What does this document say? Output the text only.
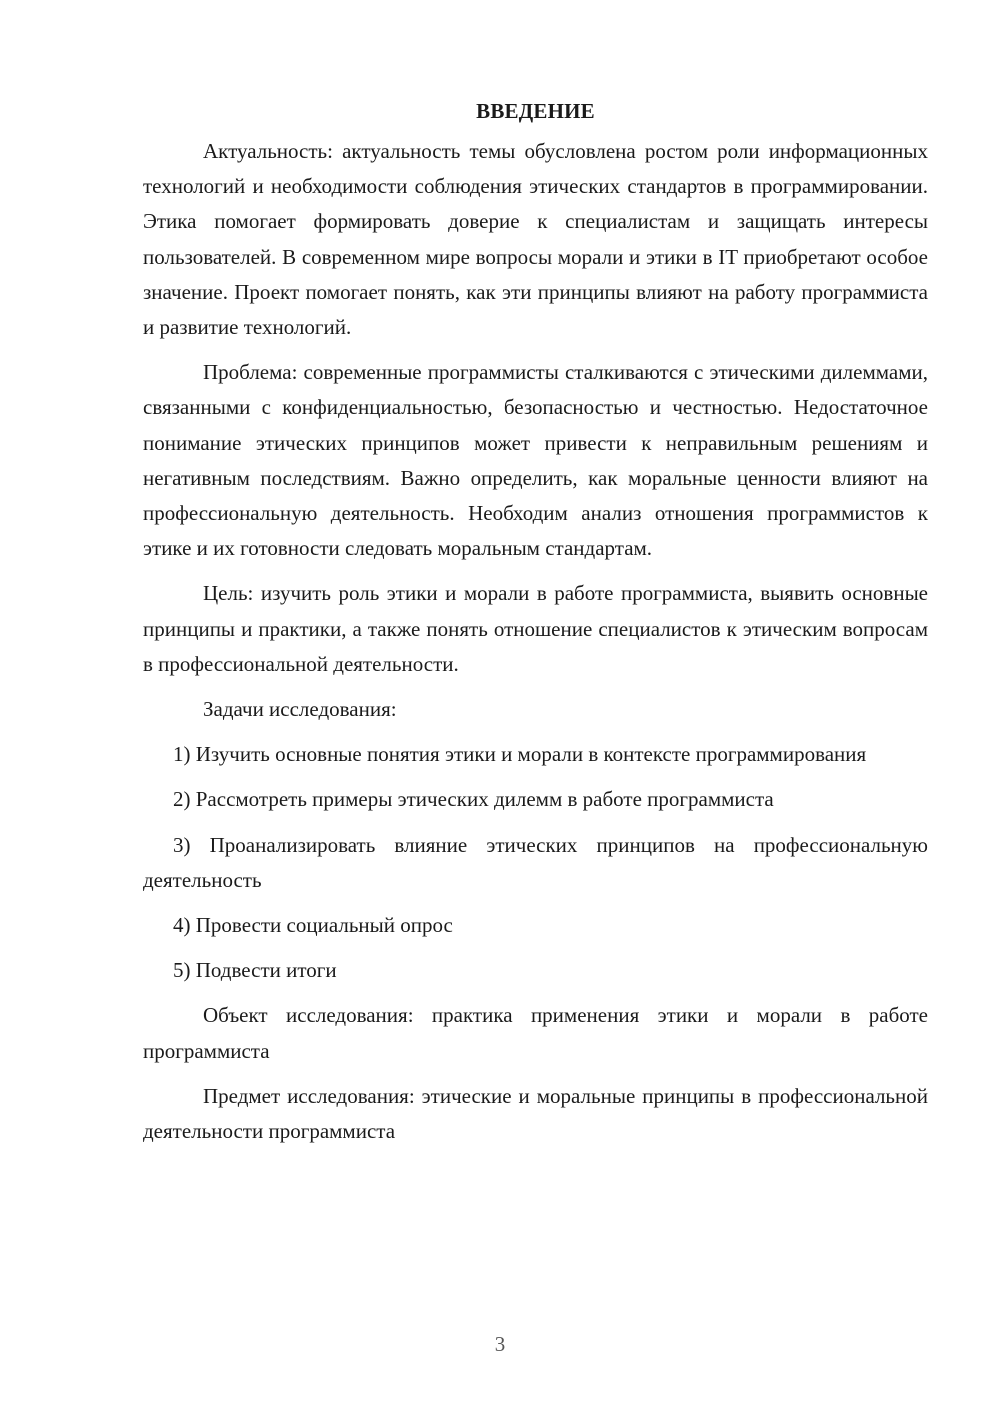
ВВЕДЕНИЕ

Актуальность: актуальность темы обусловлена ростом роли информационных технологий и необходимости соблюдения этических стандартов в программировании. Этика помогает формировать доверие к специалистам и защищать интересы пользователей. В современном мире вопросы морали и этики в IT приобретают особое значение. Проект помогает понять, как эти принципы влияют на работу программиста и развитие технологий.

Проблема: современные программисты сталкиваются с этическими дилеммами, связанными с конфиденциальностью, безопасностью и честностью. Недостаточное понимание этических принципов может привести к неправильным решениям и негативным последствиям. Важно определить, как моральные ценности влияют на профессиональную деятельность. Необходим анализ отношения программистов к этике и их готовности следовать моральным стандартам.

Цель: изучить роль этики и морали в работе программиста, выявить основные принципы и практики, а также понять отношение специалистов к этическим вопросам в профессиональной деятельности.

Задачи исследования:

1) Изучить основные понятия этики и морали в контексте программирования

2) Рассмотреть примеры этических дилемм в работе программиста

3) Проанализировать влияние этических принципов на профессиональную деятельность

4) Провести социальный опрос

5) Подвести итоги

Объект исследования: практика применения этики и морали в работе программиста

Предмет исследования: этические и моральные принципы в профессиональной деятельности программиста

3
